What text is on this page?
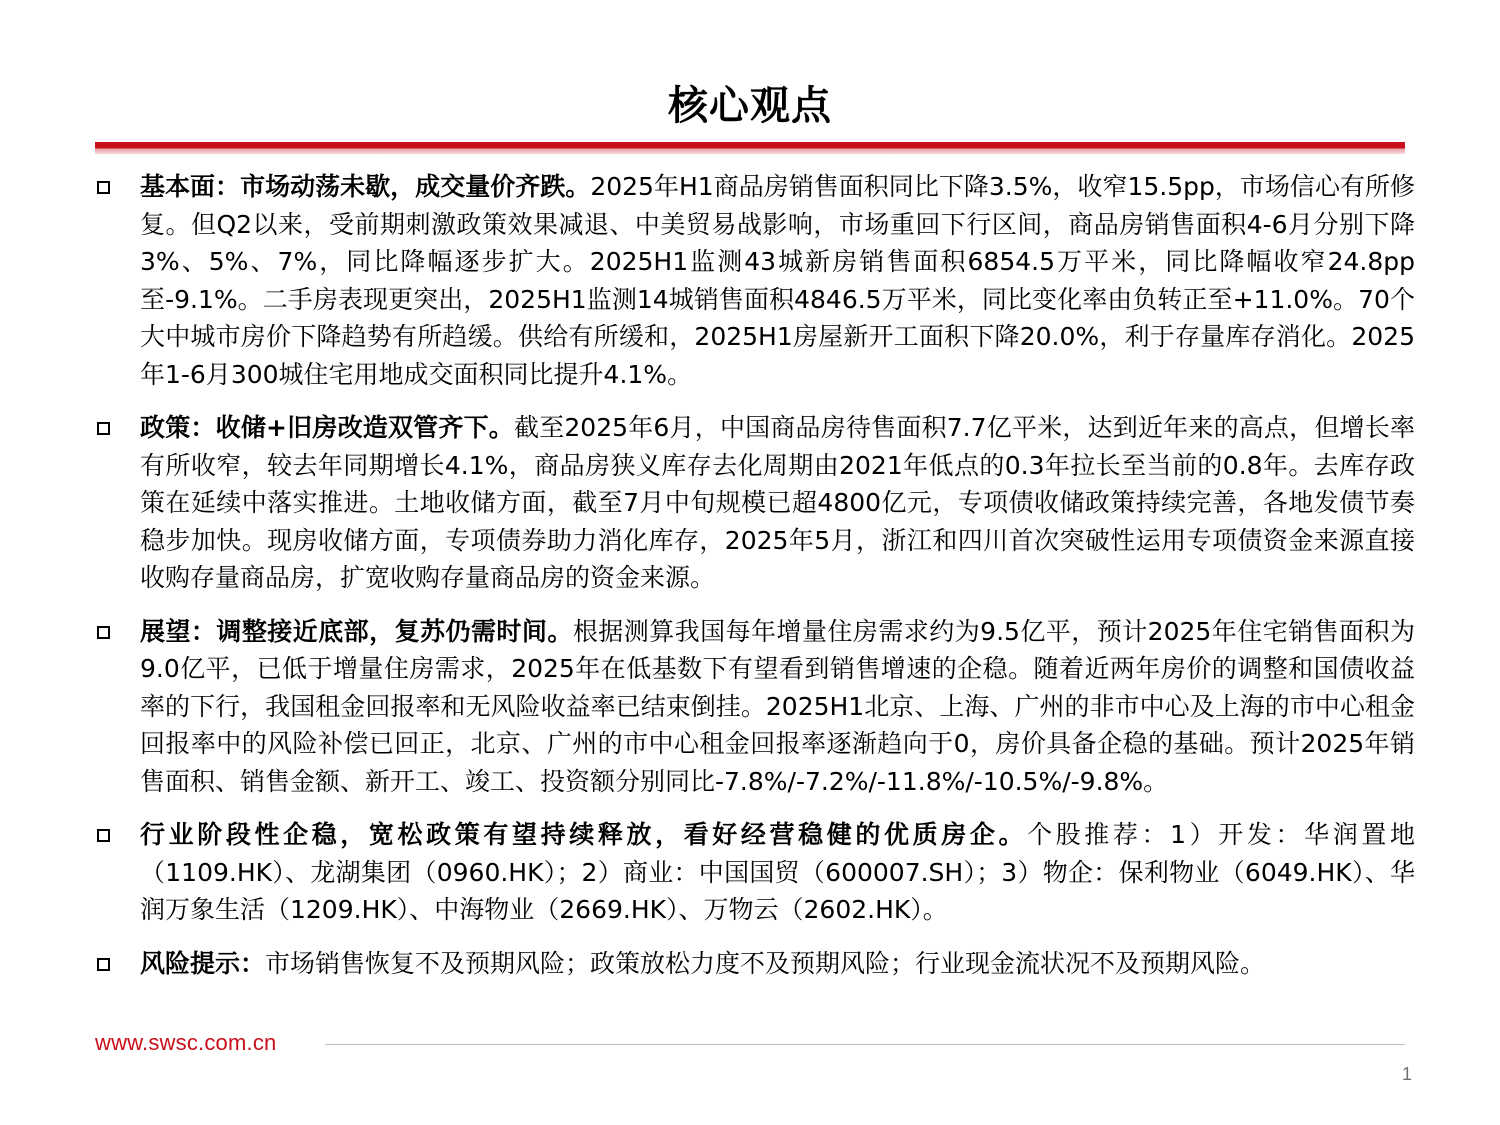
核心观点
基本面：市场动荡未歇，成交量价齐跌。2025年H1商品房销售面积同比下降3.5%，收窄15.5pp，市场信心有所修复。但Q2以来，受前期刺激政策效果减退、中美贸易战影响，市场重回下行区间，商品房销售面积4-6月分别下降3%、5%、7%，同比降幅逐步扩大。2025H1监测43城新房销售面积6854.5万平米，同比降幅收窄24.8pp至-9.1%。二手房表现更突出，2025H1监测14城销售面积4846.5万平米，同比变化率由负转正至+11.0%。70个大中城市房价下降趋势有所趋缓。供给有所缓和，2025H1房屋新开工面积下降20.0%，利于存量库存消化。2025年1-6月300城住宅用地成交面积同比提升4.1%。
政策：收储+旧房改造双管齐下。截至2025年6月，中国商品房待售面积7.7亿平米，达到近年来的高点，但增长率有所收窄，较去年同期增长4.1%，商品房狭义库存去化周期由2021年低点的0.3年拉长至当前的0.8年。去库存政策在延续中落实推进。土地收储方面，截至7月中旬规模已超4800亿元，专项债收储政策持续完善，各地发债节奏稳步加快。现房收储方面，专项债券助力消化库存，2025年5月，浙江和四川首次突破性运用专项债资金来源直接收购存量商品房，扩宽收购存量商品房的资金来源。
展望：调整接近底部，复苏仍需时间。根据测算我国每年增量住房需求约为9.5亿平，预计2025年住宅销售面积为9.0亿平，已低于增量住房需求，2025年在低基数下有望看到销售增速的企稳。随着近两年房价的调整和国债收益率的下行，我国租金回报率和无风险收益率已结束倒挂。2025H1北京、上海、广州的非市中心及上海的市中心租金回报率中的风险补偿已回正，北京、广州的市中心租金回报率逐渐趋向于0，房价具备企稳的基础。预计2025年销售面积、销售金额、新开工、竣工、投资额分别同比-7.8%/-7.2%/-11.8%/-10.5%/-9.8%。
行业阶段性企稳，宽松政策有望持续释放，看好经营稳健的优质房企。个股推荐：1）开发：华润置地（1109.HK）、龙湖集团（0960.HK）；2）商业：中国国贸（600007.SH）；3）物企：保利物业（6049.HK）、华润万象生活（1209.HK）、中海物业（2669.HK）、万物云（2602.HK）。
风险提示：市场销售恢复不及预期风险；政策放松力度不及预期风险；行业现金流状况不及预期风险。
www.swsc.com.cn
1
